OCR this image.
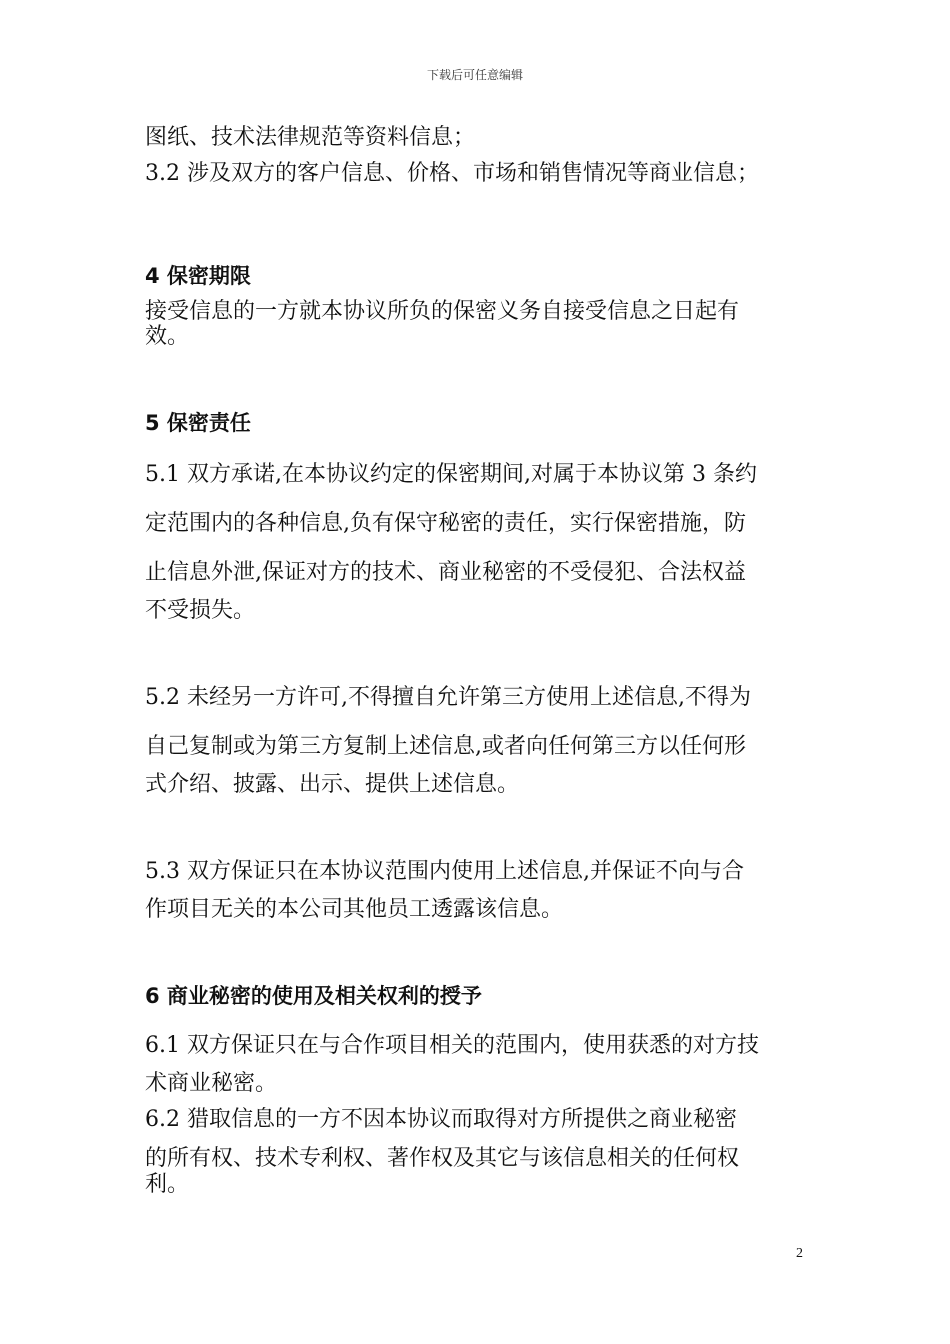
下载后可任意编辑
图纸、技术法律规范等资料信息；
3.2 涉及双方的客户信息、价格、市场和销售情况等商业信息；
4 保密期限
接受信息的一方就本协议所负的保密义务自接受信息之日起有
效。
5 保密责任
5.1 双方承诺,在本协议约定的保密期间,对属于本协议第 3 条约
定范围内的各种信息,负有保守秘密的责任，实行保密措施，防
止信息外泄,保证对方的技术、商业秘密的不受侵犯、合法权益
不受损失。
5.2 未经另一方许可,不得擅自允许第三方使用上述信息,不得为
自己复制或为第三方复制上述信息,或者向任何第三方以任何形
式介绍、披露、出示、提供上述信息。
5.3 双方保证只在本协议范围内使用上述信息,并保证不向与合
作项目无关的本公司其他员工透露该信息。
6 商业秘密的使用及相关权利的授予
6.1 双方保证只在与合作项目相关的范围内，使用获悉的对方技
术商业秘密。
6.2 猎取信息的一方不因本协议而取得对方所提供之商业秘密
的所有权、技术专利权、著作权及其它与该信息相关的任何权
利。
2
